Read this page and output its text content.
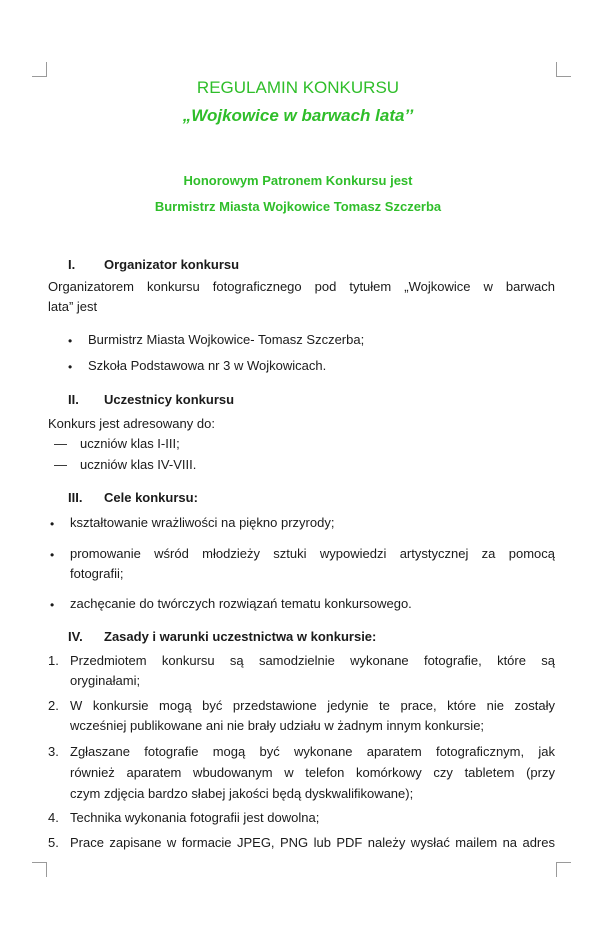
REGULAMIN KONKURSU
„Wojkowice w barwach lata’’
Honorowym Patronem Konkursu jest
Burmistrz Miasta Wojkowice Tomasz Szczerba
I. Organizator konkursu
Organizatorem konkursu fotograficznego pod tytułem „Wojkowice w barwach
lata” jest
• Burmistrz Miasta Wojkowice- Tomasz Szczerba;
• Szkoła Podstawowa nr 3 w Wojkowicach.
II. Uczestnicy konkursu
Konkurs jest adresowany do:
— uczniów klas I-III;
— uczniów klas IV-VIII.
III. Cele konkursu:
• kształtowanie wrażliwości na piękno przyrody;
• promowanie wśród młodzieży sztuki wypowiedzi artystycznej za pomocą
fotografii;
• zachęcanie do twórczych rozwiązań tematu konkursowego.
IV. Zasady i warunki uczestnictwa w konkursie:
1. Przedmiotem konkursu są samodzielnie wykonane fotografie, które są
oryginałami;
2. W konkursie mogą być przedstawione jedynie te prace, które nie zostały
wcześniej publikowane ani nie brały udziału w żadnym innym konkursie;
3. Zgłaszane fotografie mogą być wykonane aparatem fotograficznym, jak
również aparatem wbudowanym w telefon komórkowy czy tabletem (przy
czym zdjęcia bardzo słabej jakości będą dyskwalifikowane);
4. Technika wykonania fotografii jest dowolna;
5. Prace zapisane w formacie JPEG, PNG lub PDF należy wysłać mailem na adres
